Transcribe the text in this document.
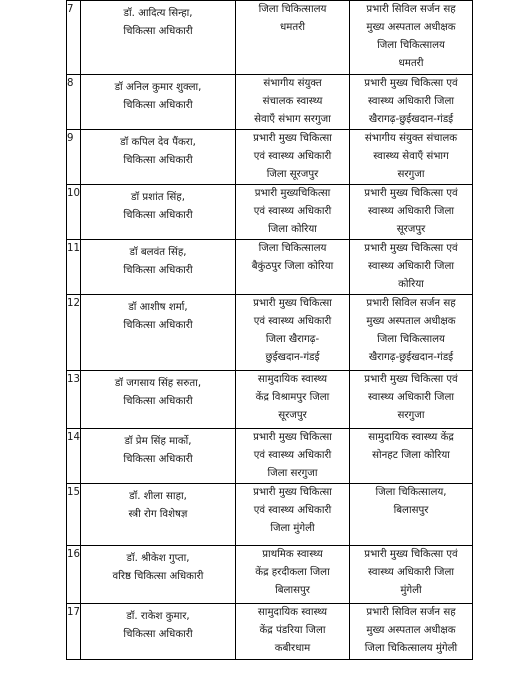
7	डॉ. आदित्य सिन्हा,
चिकित्सा अधिकारी	जिला चिकित्सालय
धमतरी	प्रभारी सिविल सर्जन सह
मुख्य अस्पताल अधीक्षक
जिला चिकित्सालय
धमतरी

8	डॉ अनिल कुमार शुक्ला,
चिकित्सा अधिकारी	संभागीय संयुक्त
संचालक स्वास्थ्य
सेवाएँ संभाग सरगुजा	प्रभारी मुख्य चिकित्सा एवं
स्वास्थ्य अधिकारी जिला
खैरागढ़-छुईखदान-गंडई

9	डॉ कपिल देव पैंकरा,
चिकित्सा अधिकारी	प्रभारी मुख्य चिकित्सा
एवं स्वास्थ्य अधिकारी
जिला सूरजपुर	संभागीय संयुक्त संचालक
स्वास्थ्य सेवाएँ संभाग
सरगुजा

10	डॉ प्रशांत सिंह,
चिकित्सा अधिकारी	प्रभारी मुख्यचिकित्सा
एवं स्वास्थ्य अधिकारी
जिला कोरिया	प्रभारी मुख्य चिकित्सा एवं
स्वास्थ्य अधिकारी जिला
सूरजपुर

11	डॉ बलवंत सिंह,
चिकित्सा अधिकारी	जिला चिकित्सालय
बैकुंठपुर जिला कोरिया	प्रभारी मुख्य चिकित्सा एवं
स्वास्थ्य अधिकारी जिला
कोरिया

12	डॉ आशीष शर्मा,
चिकित्सा अधिकारी	प्रभारी मुख्य चिकित्सा
एवं स्वास्थ्य अधिकारी
जिला खैरागढ़-
छुईखदान-गंडई	प्रभारी सिविल सर्जन सह
मुख्य अस्पताल अधीक्षक
जिला चिकित्सालय
खैरागढ़-छुईखदान-गंडई

13	डॉ जगसाय सिंह सरुता,
चिकित्सा अधिकारी	सामुदायिक स्वास्थ्य
केंद्र विश्रामपुर जिला
सूरजपुर	प्रभारी मुख्य चिकित्सा एवं
स्वास्थ्य अधिकारी जिला
सरगुजा

14	डॉ प्रेम सिंह मार्को,
चिकित्सा अधिकारी	प्रभारी मुख्य चिकित्सा
एवं स्वास्थ्य अधिकारी
जिला सरगुजा	सामुदायिक स्वास्थ्य केंद्र
सोनहट जिला कोरिया

15	डॉ. शीला साहा,
स्त्री रोग विशेषज्ञ	प्रभारी मुख्य चिकित्सा
एवं स्वास्थ्य अधिकारी
जिला मुंगेली	जिला चिकित्सालय,
बिलासपुर

16	डॉ. श्रीकेश गुप्ता,
वरिष्ठ चिकित्सा अधिकारी	प्राथमिक स्वास्थ्य
केंद्र हरदीकला जिला
बिलासपुर	प्रभारी मुख्य चिकित्सा एवं
स्वास्थ्य अधिकारी जिला
मुंगेली

17	डॉ. राकेश कुमार,
चिकित्सा अधिकारी	सामुदायिक स्वास्थ्य
केंद्र पंडरिया जिला
कबीरधाम	प्रभारी सिविल सर्जन सह
मुख्य अस्पताल अधीक्षक
जिला चिकित्सालय मुंगेली
